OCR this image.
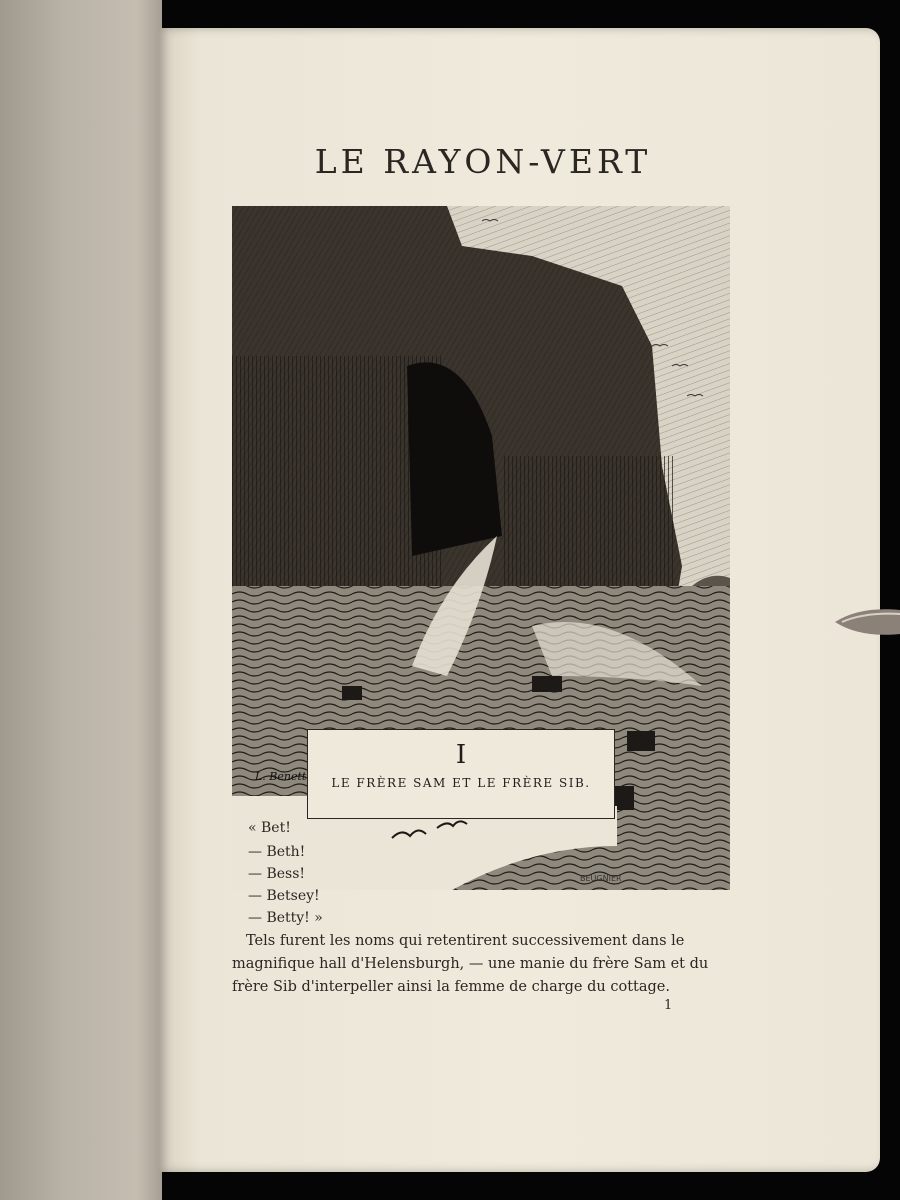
LE RAYON-VERT
I
LE FRÈRE SAM ET LE FRÈRE SIB.
L. Benett
BEUGNIER
« Bet!
— Beth!
— Bess!
— Betsey!
— Betty! »
Tels furent les noms qui retentirent successivement dans le magnifique hall d'Helensburgh, — une manie du frère Sam et du frère Sib d'interpeller ainsi la femme de charge du cottage.
1
